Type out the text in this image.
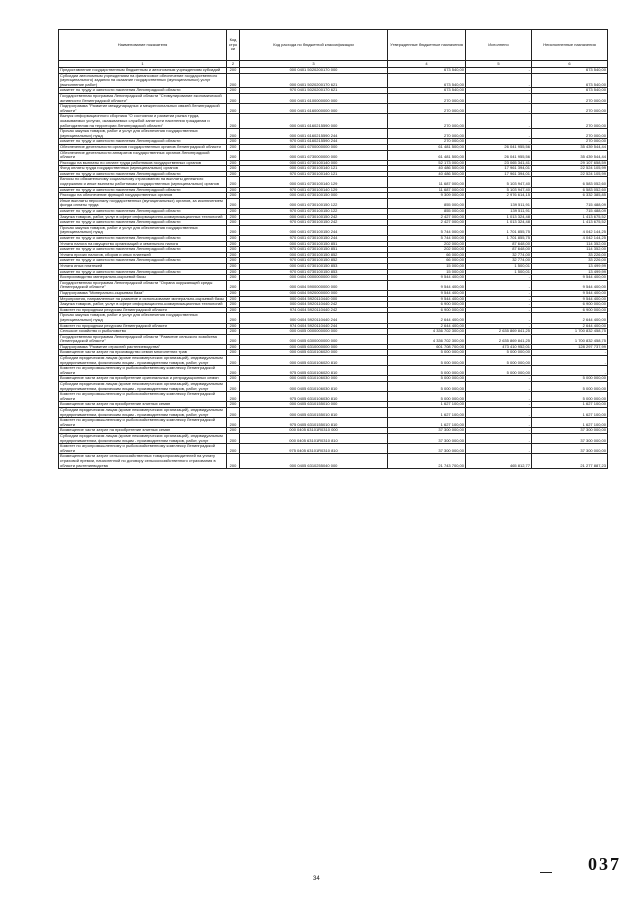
Наименование показателя	Код стро ки	Код расхода по бюджетной классификации	Утвержденные бюджетные назначения	Исполнено	Неисполненные назначения
1	2	3	4	5	6
Предоставление государственным бюджетным и автономным учреждениям субсидий	200	000 0401 5020200170 000	673 540,00	-	673 540,00
Субсидии автономным учреждениям на финансовое обеспечение государственного (муниципального) задания на оказание государственных (муниципальных) услуг (выполнение работ)	200	000 0401 5020200170 621	673 540,00	-	673 540,00
комитет по труду и занятости населения Ленинградской области	200	970 0401 5020200170 621	673 540,00	-	673 540,00
Государственная программа Ленинградской области "Стимулирование экономической активности Ленинградской области"	200	000 0401 6100000000 000	270 000,00	-	270 000,00
Подпрограмма "Развитие международных и межрегиональных связей Ленинградской области"	200	000 0401 6160000000 000	270 000,00	-	270 000,00
Выпуск информационного сборника "О состоянии и развитии рынка труда, оказываемых услугах, оказываемых службой занятости населения гражданам и работодателям на территории Ленинградской области"	200	000 0401 6160215590 000	270 000,00	-	270 000,00
Прочая закупка товаров, работ и услуг для обеспечения государственных (муниципальных) нужд	200	000 0401 6160215590 244	270 000,00	-	270 000,00
комитет по труду и занятости населения Ленинградской области	200	970 0401 6160215590 244	270 000,00	-	270 000,00
Обеспечение деятельности органов государственных органов Ленинградской области	200	000 0401 6700000000 000	61 481 500,00	26 041 955,56	35 439 544,44
Обеспечение деятельности аппаратов государственных органов Ленинградской области	200	000 0401 6730000000 000	61 481 500,00	26 041 955,56	35 439 544,44
Расходы на выплаты по оплате труда работников государственных органов	200	000 0401 6730100140 000	52 173 000,00	23 065 341,41	29 107 658,59
Фонд оплаты труда государственных (муниципальных) органов	200	000 0401 6730100140 121	40 486 500,00	17 961 394,01	22 524 105,99
комитет по труду и занятости населения Ленинградской области	200	970 0401 6730100140 121	40 486 500,00	17 961 394,01	22 524 105,99
Взносы по обязательному социальному страхованию на выплаты денежного содержания и иные выплаты работникам государственных (муниципальных) органов	200	000 0401 6730100140 129	11 687 000,00	5 103 947,40	6 583 052,60
комитет по труду и занятости населения Ленинградской области	200	970 0401 6730100140 129	11 687 000,00	5 103 947,40	6 583 052,60
Расходы на обеспечение функций государственных органов	200	000 0401 6730100150 000	9 309 000,00	2 976 614,15	6 332 385,85
Иные выплаты персоналу государственных (муниципальных) органов, за исключением фонда оплаты труда	200	000 0401 6730100150 122	855 000,00	139 511,91	715 488,09
комитет по труду и занятости населения Ленинградской области	200	970 0401 6730100150 122	855 000,00	139 511,91	715 488,09
Закупка товаров, работ, услуг в сфере информационно-коммуникационных технологий	200	000 0401 6730100150 242	2 427 000,00	1 013 324,48	1 413 675,52
комитет по труду и занятости населения Ленинградской области	200	970 0401 6730100150 242	2 427 000,00	1 013 324,48	1 413 675,52
Прочая закупка товаров, работ и услуг для обеспечения государственных (муниципальных) нужд	200	000 0401 6730100150 244	5 744 000,00	1 701 855,75	4 042 144,25
комитет по труду и занятости населения Ленинградской области	200	970 0401 6730100150 244	5 744 000,00	1 701 855,75	4 042 144,25
Уплата налога на имущество организаций и земельного налога	200	000 0401 6730100150 851	202 000,00	87 648,00	114 352,00
комитет по труду и занятости населения Ленинградской области	200	970 0401 6730100150 851	202 000,00	87 648,00	114 352,00
Уплата прочих налогов, сборов и иных платежей	200	000 0401 6730100150 852	66 000,00	32 774,00	33 226,00
комитет по труду и занятости населения Ленинградской области	200	970 0401 6730100150 852	66 000,00	32 774,00	33 226,00
Уплата иных платежей	200	000 0401 6730100150 853	15 000,00	1 500,01	13 499,99
комитет по труду и занятости населения Ленинградской области	200	970 0401 6730100150 853	15 000,00	1 500,01	13 499,99
Воспроизводство минерально-сырьевой базы	200	000 0404 0000000000 000	9 544 400,00	-	9 544 400,00
Государственная программа Ленинградской области "Охрана окружающей среды Ленинградской области"	200	000 0404 5900000000 000	9 544 400,00	-	9 544 400,00
Подпрограмма "Минерально-сырьевая база"	200	000 0404 5920000000 000	9 544 400,00	-	9 544 400,00
Мероприятия, направленные на развитие и использование минерально-сырьевой базы	200	000 0404 5920110440 000	9 544 400,00	-	9 544 400,00
Закупка товаров, работ, услуг в сфере информационно-коммуникационных технологий	200	000 0404 5920110440 242	6 900 000,00	-	6 900 000,00
Комитет по природным ресурсам Ленинградской области	200	974 0404 5920110440 242	6 900 000,00	-	6 900 000,00
Прочая закупка товаров, работ и услуг для обеспечения государственных (муниципальных) нужд	200	000 0404 5920110440 244	2 644 400,00	-	2 644 400,00
Комитет по природным ресурсам Ленинградской области	200	974 0404 5920110440 244	2 644 400,00	-	2 644 400,00
Сельское хозяйство и рыболовство	200	000 0405 0000000000 000	4 336 702 300,00	2 635 869 841,25	1 700 832 458,75
Государственная программа Ленинградской области "Развитие сельского хозяйства Ленинградской области"	200	000 0405 6300000000 000	4 336 702 300,00	2 635 869 841,25	1 700 832 458,75
Подпрограмма "Развитие отраслей растениеводства"	200	000 0405 6310000000 000	601 708 700,00	473 410 952,01	128 297 737,99
Возмещение части затрат на производство семян многолетних трав	200	000 0405 6310106020 000	5 000 000,00	5 000 000,00	-
Субсидии юридическим лицам (кроме некоммерческих организаций), индивидуальным предпринимателям, физическим лицам - производителям товаров, работ, услуг	200	000 0405 6310106020 810	5 000 000,00	5 000 000,00	-
Комитет по агропромышленному и рыбохозяйственному комплексу Ленинградской области	200	975 0405 6310106020 810	5 000 000,00	5 000 000,00	-
Возмещение части затрат на приобретение оригинальных и репродукционных семян	200	000 0405 6310106030 000	5 000 000,00	-	5 000 000,00
Субсидии юридическим лицам (кроме некоммерческих организаций), индивидуальным предпринимателям, физическим лицам - производителям товаров, работ, услуг	200	000 0405 6310106030 810	5 000 000,00	-	5 000 000,00
Комитет по агропромышленному и рыбохозяйственному комплексу Ленинградской области	200	975 0405 6310106030 810	5 000 000,00	-	5 000 000,00
Возмещение части затрат на приобретение элитных семян	200	000 0405 6310155010 000	1 627 100,00	-	1 627 100,00
Субсидии юридическим лицам (кроме некоммерческих организаций), индивидуальным предпринимателям, физическим лицам - производителям товаров, работ, услуг	200	000 0405 6310155010 810	1 627 100,00	-	1 627 100,00
Комитет по агропромышленному и рыбохозяйственному комплексу Ленинградской области	200	975 0405 6310155010 810	1 627 100,00	-	1 627 100,00
Возмещение части затрат на приобретение элитных семян	200	000 0405 63101R0310 000	37 300 000,00	-	37 300 000,00
Субсидии юридическим лицам (кроме некоммерческих организаций), индивидуальным предпринимателям, физическим лицам - производителям товаров, работ, услуг	200	000 0405 63101R0310 810	37 300 000,00	-	37 300 000,00
Комитет по агропромышленному и рыбохозяйственному комплексу Ленинградской области	200	975 0405 63101R0310 810	37 300 000,00	-	37 300 000,00
Возмещение части затрат сельскохозяйственных товаропроизводителей на уплату страховой премии, начисленной по договору сельскохозяйственного страхования в области растениеводства	200	000 0405 6310255040 000	21 743 700,00	465 812,77	21 277 887,23
037
34
